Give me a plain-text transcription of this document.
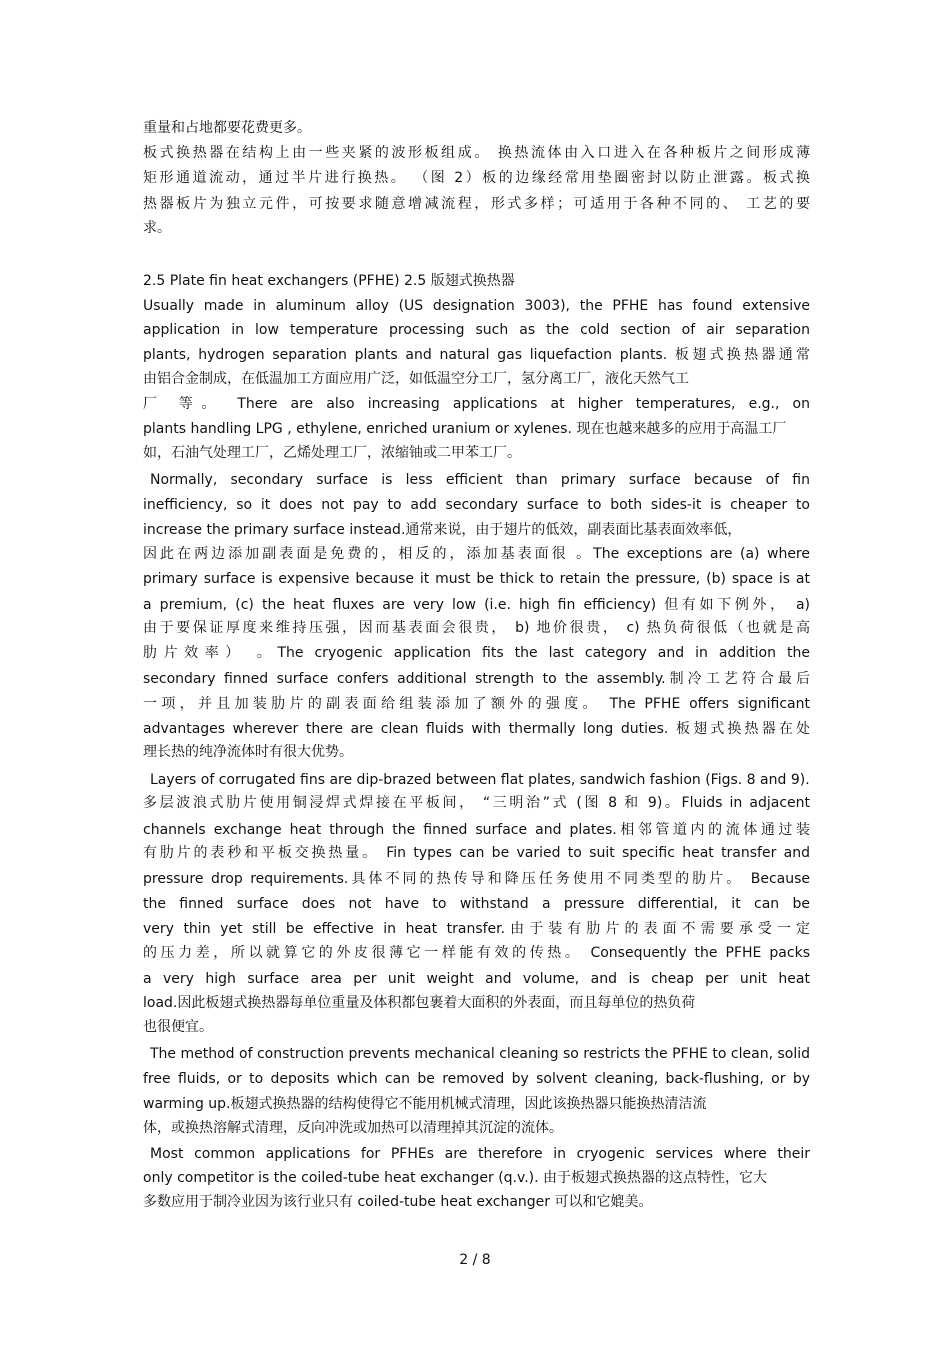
重量和占地都要花费更多。
板式换热器在结构上由一些夹紧的波形板组成。 换热流体由入口进入在各种板片之间形成薄
矩形通道流动，通过半片进行换热。 （图 2）板的边缘经常用垫圈密封以防止泄露。板式换
热器板片为独立元件，可按要求随意增减流程，形式多样；可适用于各种不同的、 工艺的要
求。
2.5 Plate fin heat exchangers (PFHE) 2.5 版翅式换热器
Usually made in aluminum alloy (US designation 3003), the PFHE has found extensive
application in low temperature processing such as the cold section of air separation
plants, hydrogen separation plants and natural gas liquefaction plants. 板翅式换热器通常
由铝合金制成，在低温加工方面应用广泛，如低温空分工厂，氢分离工厂，液化天然气工
厂 等。 There are also increasing applications at higher temperatures, e.g., on
plants handling LPG , ethylene, enriched uranium or xylenes. 现在也越来越多的应用于高温工厂
如，石油气处理工厂，乙烯处理工厂，浓缩铀或二甲苯工厂。
Normally, secondary surface is less efficient than primary surface because of fin
inefficiency, so it does not pay to add secondary surface to both sides-it is cheaper to
increase the primary surface instead.通常来说，由于翅片的低效，副表面比基表面效率低，
因此在两边添加副表面是免费的，相反的，添加基表面很 。The exceptions are (a) where
primary surface is expensive because it must be thick to retain the pressure, (b) space is at
a premium, (c) the heat fluxes are very low (i.e. high fin efficiency) 但有如下例外， a)
由于要保证厚度来维持压强，因而基表面会很贵， b) 地价很贵， c) 热负荷很低（也就是高
肋片效率） 。The cryogenic application fits the last category and in addition the
secondary finned surface confers additional strength to the assembly.制冷工艺符合最后
一项，并且加装肋片的副表面给组装添加了额外的强度。 The PFHE offers significant
advantages wherever there are clean fluids with thermally long duties. 板翅式换热器在处
理长热的纯净流体时有很大优势。
Layers of corrugated fins are dip-brazed between flat plates, sandwich fashion (Figs. 8 and 9).
多层波浪式肋片使用铜浸焊式焊接在平板间， “三明治”式 (图 8 和 9)。Fluids in adjacent
channels exchange heat through the finned surface and plates.相邻管道内的流体通过装
有肋片的表秒和平板交换热量。 Fin types can be varied to suit specific heat transfer and
pressure drop requirements.具体不同的热传导和降压任务使用不同类型的肋片。 Because
the finned surface does not have to withstand a pressure differential, it can be
very thin yet still be effective in heat transfer.由于装有肋片的表面不需要承受一定
的压力差，所以就算它的外皮很薄它一样能有效的传热。 Consequently the PFHE packs
a very high surface area per unit weight and volume, and is cheap per unit heat
load.因此板翅式换热器每单位重量及体积都包裹着大面积的外表面，而且每单位的热负荷
也很便宜。
The method of construction prevents mechanical cleaning so restricts the PFHE to clean, solid
free fluids, or to deposits which can be removed by solvent cleaning, back-flushing, or by
warming up.板翅式换热器的结构使得它不能用机械式清理，因此该换热器只能换热清洁流
体，或换热溶解式清理，反向冲洗或加热可以清理掉其沉淀的流体。
Most common applications for PFHEs are therefore in cryogenic services where their
only competitor is the coiled-tube heat exchanger (q.v.). 由于板翅式换热器的这点特性，它大
多数应用于制冷业因为该行业只有 coiled-tube heat exchanger 可以和它媲美。
2 / 8
